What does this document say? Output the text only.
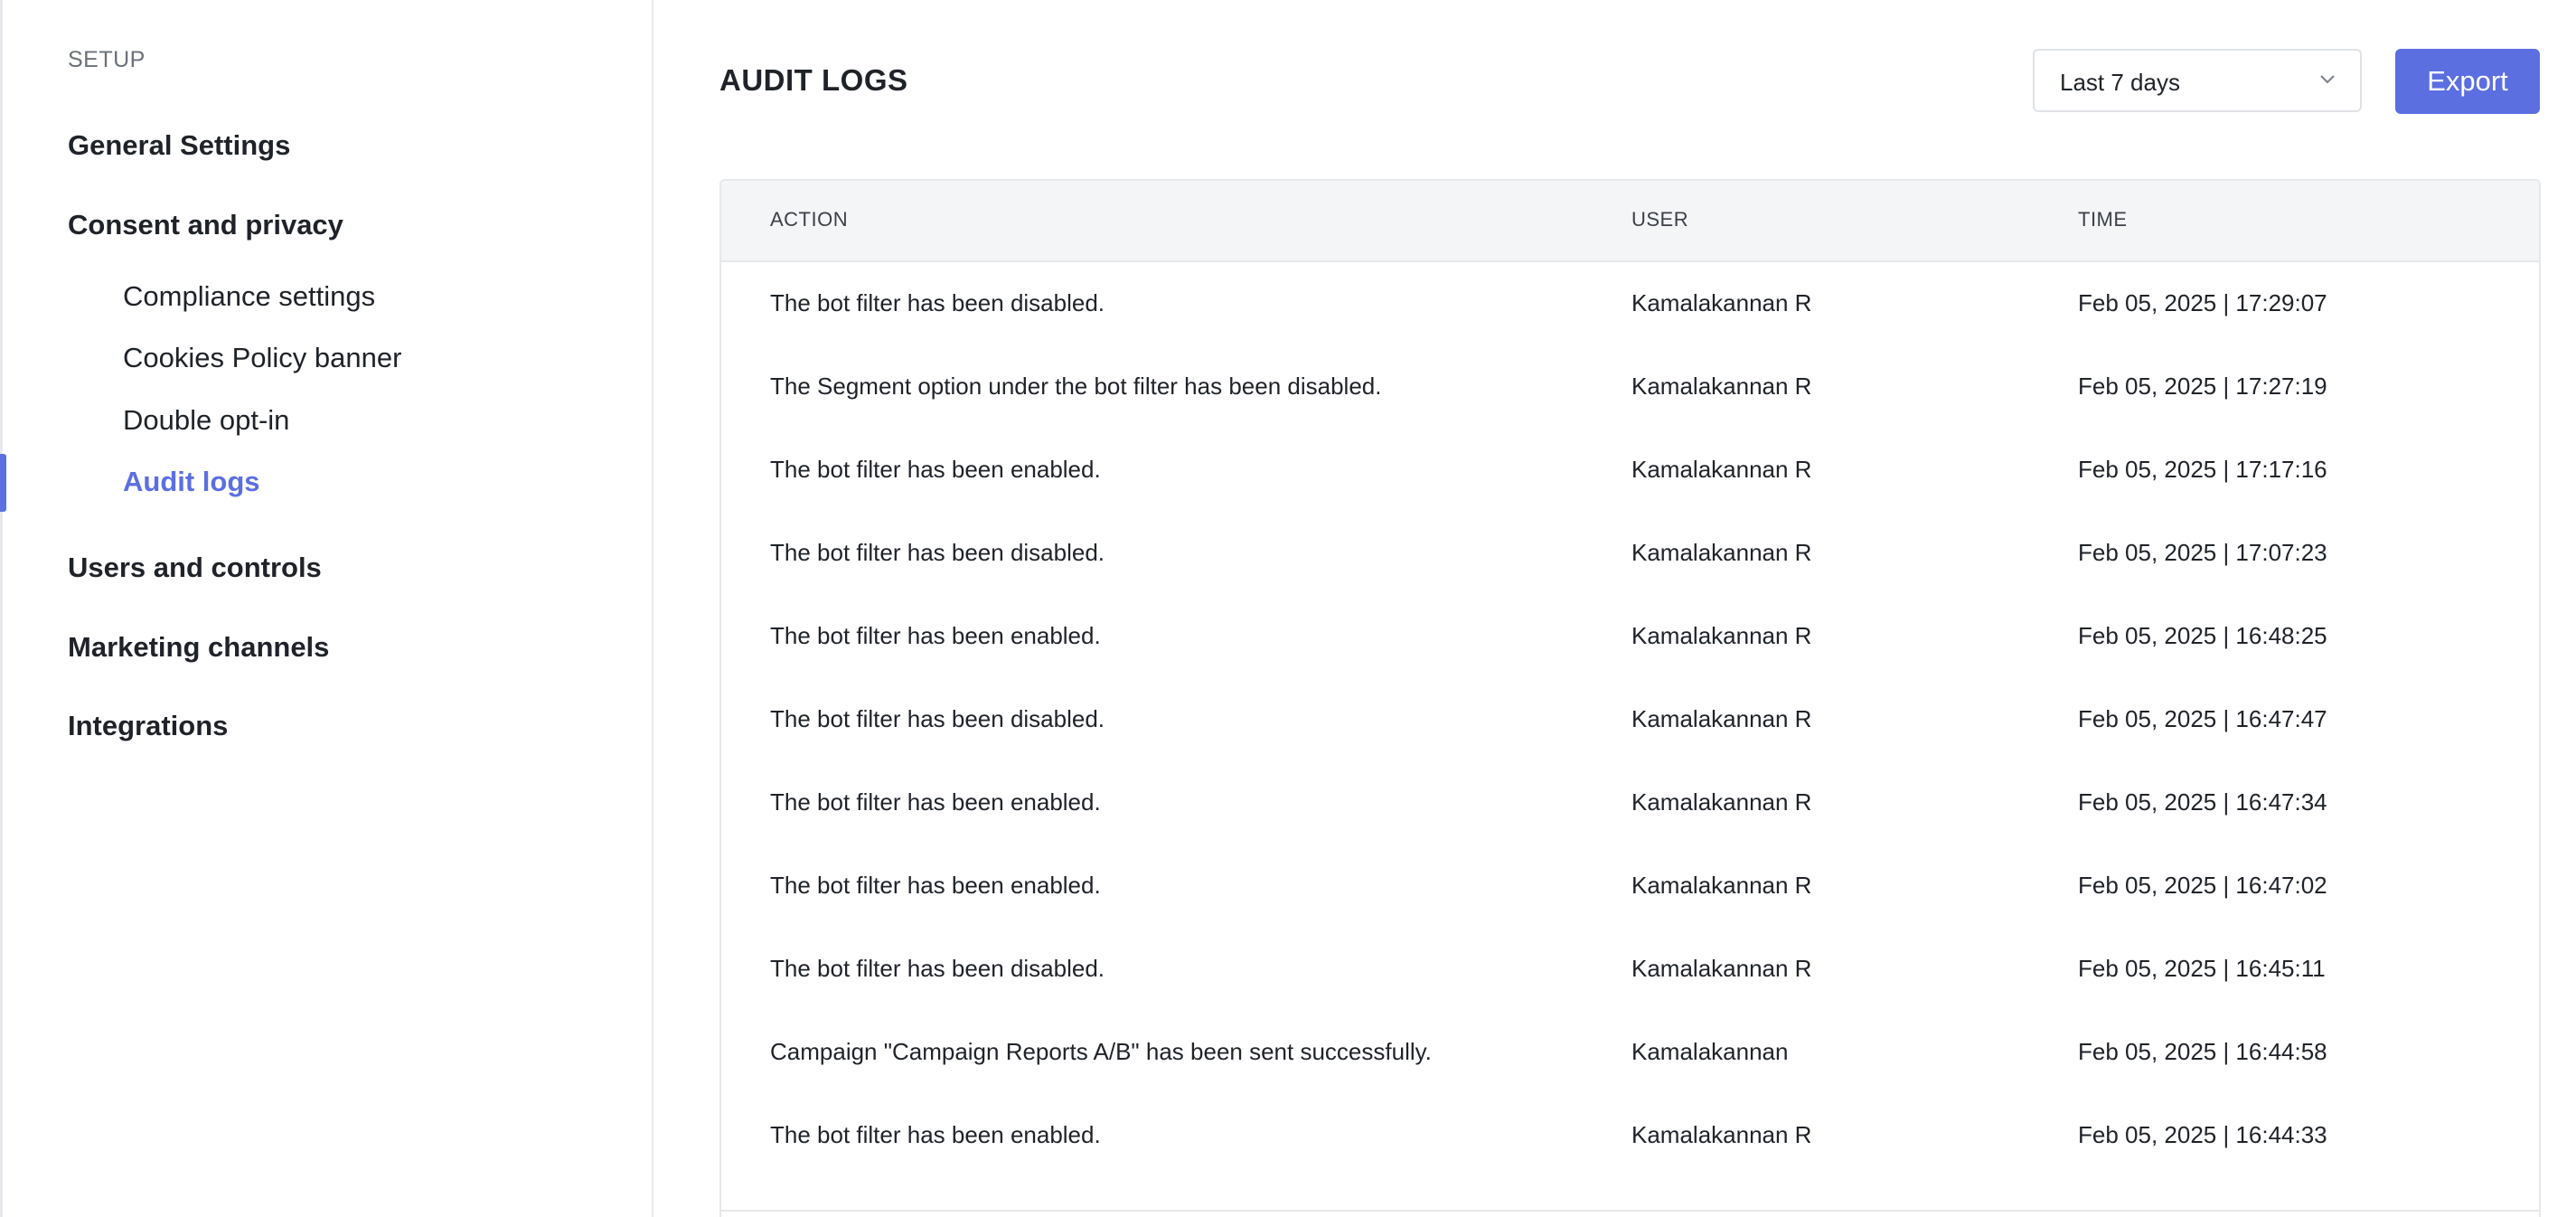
SETUP
General Settings
Consent and privacy
Compliance settings
Cookies Policy banner
Double opt-in
Audit logs
Users and controls
Marketing channels
Integrations
AUDIT LOGS	Last 7 days	Export
ACTION	USER	TIME
The bot filter has been disabled.	Kamalakannan R	Feb 05, 2025 | 17:29:07
The Segment option under the bot filter has been disabled.	Kamalakannan R	Feb 05, 2025 | 17:27:19
The bot filter has been enabled.	Kamalakannan R	Feb 05, 2025 | 17:17:16
The bot filter has been disabled.	Kamalakannan R	Feb 05, 2025 | 17:07:23
The bot filter has been enabled.	Kamalakannan R	Feb 05, 2025 | 16:48:25
The bot filter has been disabled.	Kamalakannan R	Feb 05, 2025 | 16:47:47
The bot filter has been enabled.	Kamalakannan R	Feb 05, 2025 | 16:47:34
The bot filter has been enabled.	Kamalakannan R	Feb 05, 2025 | 16:47:02
The bot filter has been disabled.	Kamalakannan R	Feb 05, 2025 | 16:45:11
Campaign "Campaign Reports A/B" has been sent successfully.	Kamalakannan	Feb 05, 2025 | 16:44:58
The bot filter has been enabled.	Kamalakannan R	Feb 05, 2025 | 16:44:33
